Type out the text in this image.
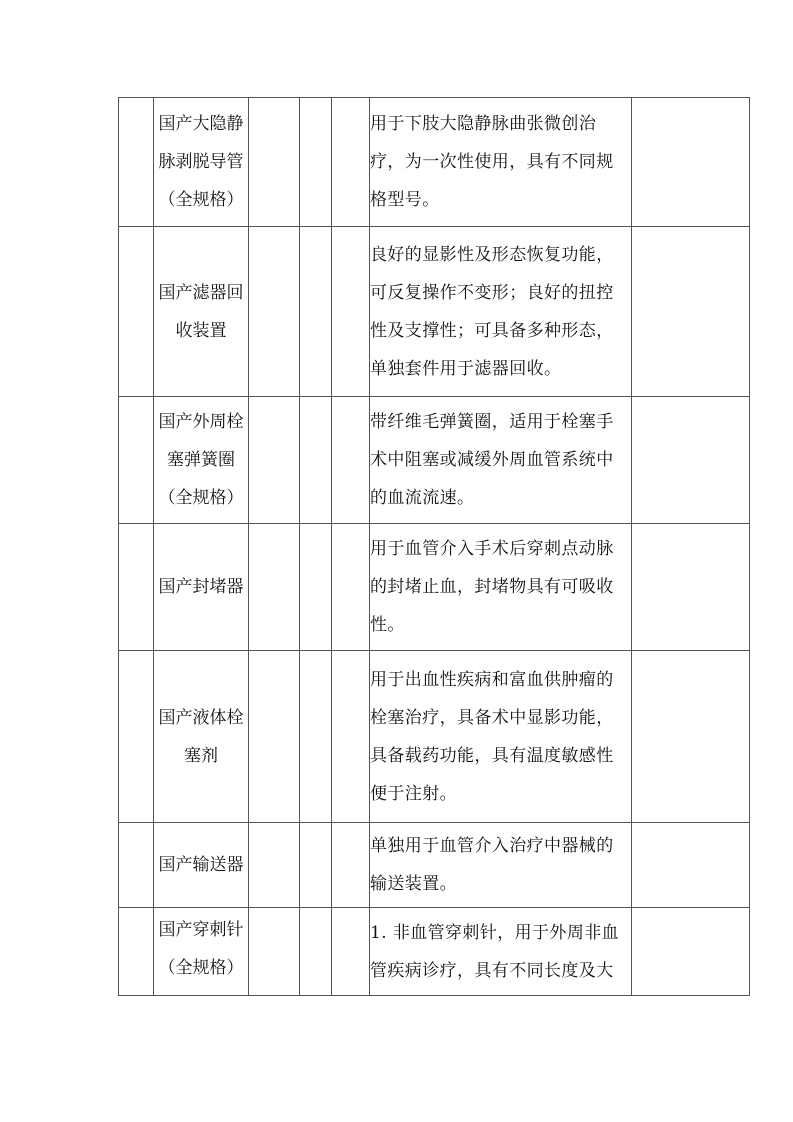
	国产大隐静
脉剥脱导管
（全规格）				用于下肢大隐静脉曲张微创治
疗，为一次性使用，具有不同规
格型号。	

	国产滤器回
收装置				良好的显影性及形态恢复功能，
可反复操作不变形；良好的扭控
性及支撑性；可具备多种形态，
单独套件用于滤器回收。	

	国产外周栓
塞弹簧圈
（全规格）				带纤维毛弹簧圈，适用于栓塞手
术中阻塞或减缓外周血管系统中
的血流流速。	

	国产封堵器				用于血管介入手术后穿刺点动脉
的封堵止血，封堵物具有可吸收
性。	

	国产液体栓
塞剂				用于出血性疾病和富血供肿瘤的
栓塞治疗，具备术中显影功能，
具备载药功能，具有温度敏感性
便于注射。	

	国产输送器				单独用于血管介入治疗中器械的
输送装置。	

	国产穿刺针
（全规格）				1. 非血管穿刺针，用于外周非血
管疾病诊疗，具有不同长度及大	
